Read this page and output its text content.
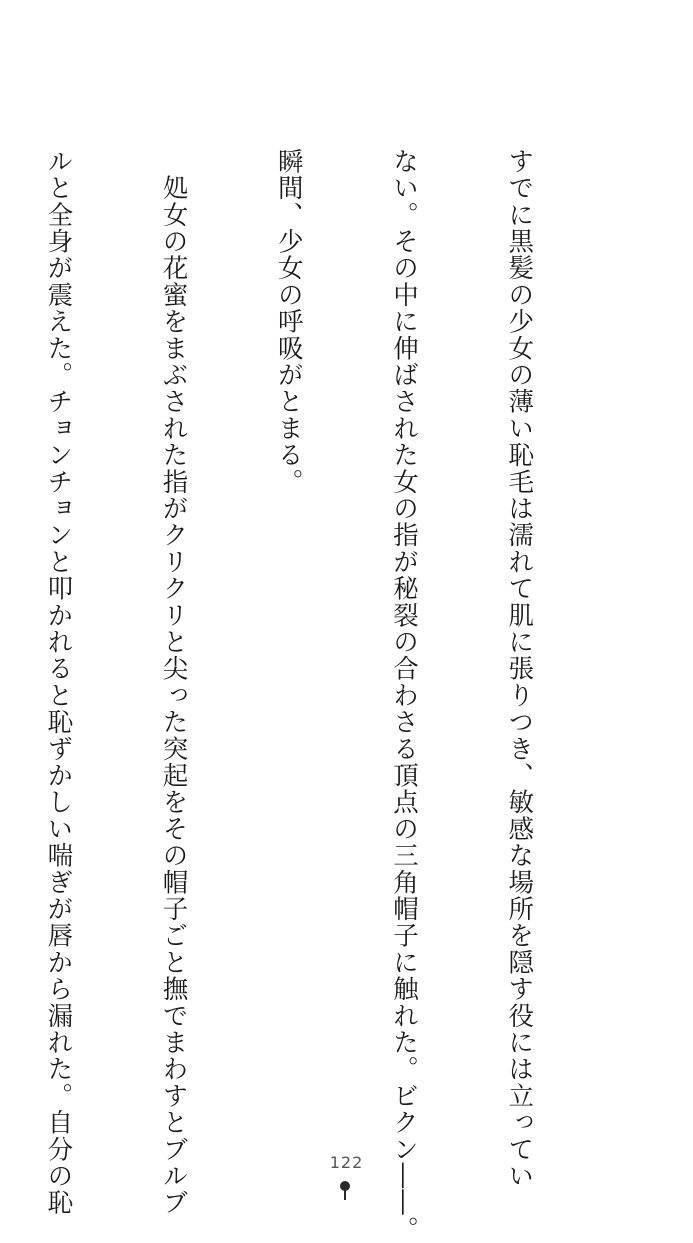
すでに黒髪の少女の薄い恥毛は濡れて肌に張りつき、敏感な場所を隠す役には立ってい

ない。その中に伸ばされた女の指が秘裂の合わさる頂点の三角帽子に触れた。ビクン――。

瞬間、少女の呼吸がとまる。

　処女の花蜜をまぶされた指がクリクリと尖った突起をその帽子ごと撫でまわすとブルブ

ルと全身が震えた。チョンチョンと叩かれると恥ずかしい喘ぎが唇から漏れた。自分の恥

	122
